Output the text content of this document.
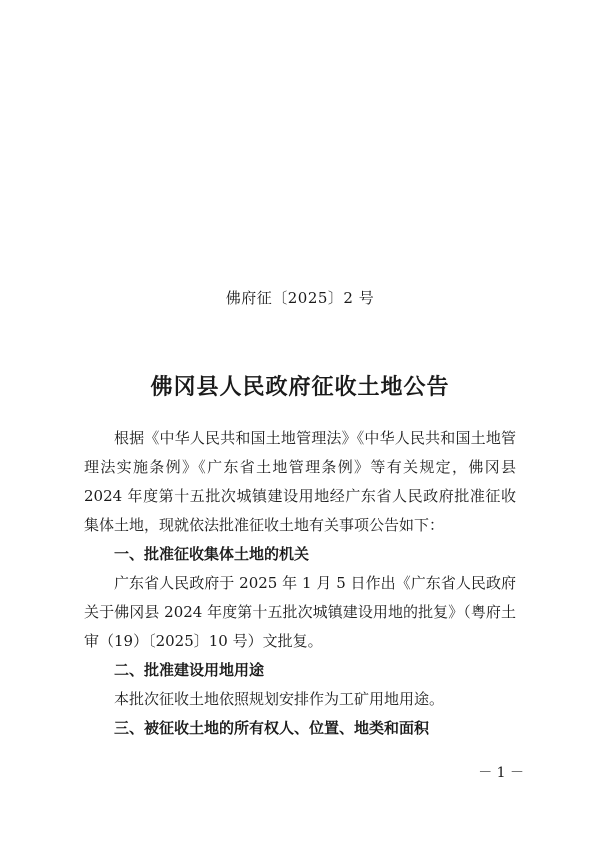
佛府征〔2025〕2 号
佛冈县人民政府征收土地公告

根据《中华人民共和国土地管理法》《中华人民共和国土地管理法实施条例》《广东省土地管理条例》等有关规定，佛冈县2024 年度第十五批次城镇建设用地经广东省人民政府批准征收集体土地，现就依法批准征收土地有关事项公告如下：

一、批准征收集体土地的机关

广东省人民政府于 2025 年 1 月 5 日作出《广东省人民政府关于佛冈县 2024 年度第十五批次城镇建设用地的批复》（粤府土审（19）〔2025〕10 号）文批复。

二、批准建设用地用途

本批次征收土地依照规划安排作为工矿用地用途。

三、被征收土地的所有权人、位置、地类和面积
－ 1 －
